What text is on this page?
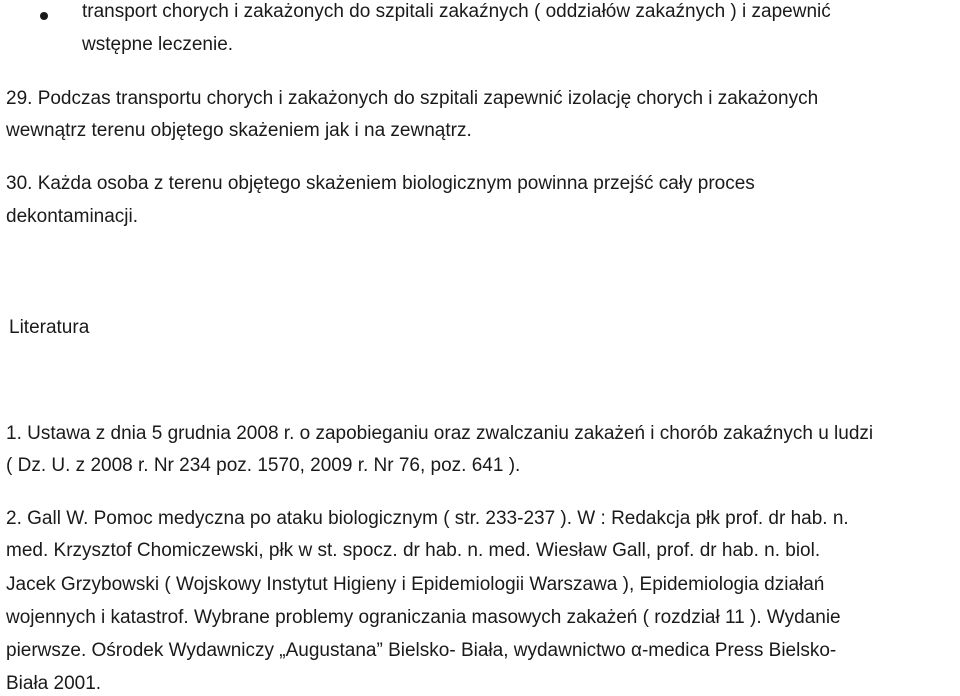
transport chorych i zakażonych do szpitali zakaźnych ( oddziałów zakaźnych ) i zapewnić
wstępne leczenie.
29. Podczas transportu chorych i zakażonych do szpitali zapewnić izolację chorych i zakażonych
wewnątrz terenu objętego skażeniem jak i na zewnątrz.
30. Każda osoba z terenu objętego skażeniem biologicznym powinna przejść cały proces
dekontaminacji.
Literatura
1. Ustawa z dnia 5 grudnia 2008 r. o zapobieganiu oraz zwalczaniu zakażeń i chorób zakaźnych u ludzi
( Dz. U. z 2008 r. Nr 234 poz. 1570, 2009 r. Nr 76, poz. 641 ).
2. Gall W. Pomoc medyczna po ataku biologicznym ( str. 233-237 ). W : Redakcja płk prof. dr hab. n.
med. Krzysztof Chomiczewski, płk w st. spocz. dr hab. n. med. Wiesław Gall, prof. dr hab. n. biol.
Jacek Grzybowski ( Wojskowy Instytut Higieny i Epidemiologii Warszawa ), Epidemiologia działań
wojennych i katastrof. Wybrane problemy ograniczania masowych zakażeń ( rozdział 11 ). Wydanie
pierwsze. Ośrodek Wydawniczy „Augustana” Bielsko- Biała, wydawnictwo α-medica Press Bielsko-
Biała 2001.
